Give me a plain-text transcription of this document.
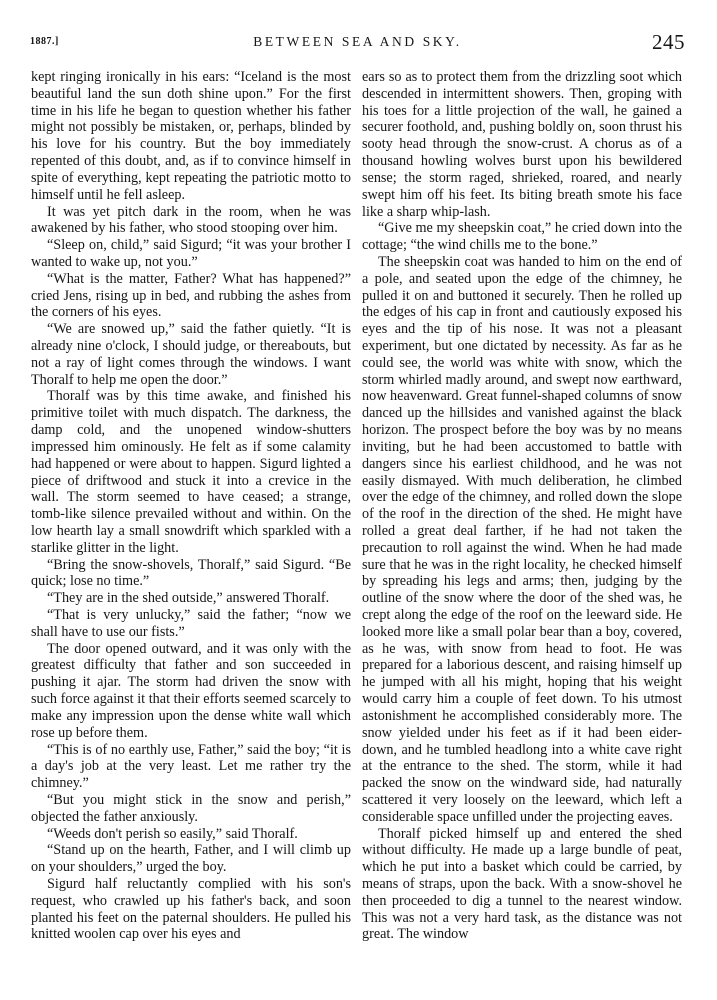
1887.]	BETWEEN SEA AND SKY.	245

kept ringing ironically in his ears: “Iceland is the most beautiful land the sun doth shine upon.” For the first time in his life he began to question whether his father might not possibly be mistaken, or, perhaps, blinded by his love for his country. But the boy immediately repented of this doubt, and, as if to convince himself in spite of everything, kept repeating the patriotic motto to himself until he fell asleep.

It was yet pitch dark in the room, when he was awakened by his father, who stood stooping over him.

“Sleep on, child,” said Sigurd; “it was your brother I wanted to wake up, not you.”

“What is the matter, Father? What has happened?” cried Jens, rising up in bed, and rubbing the ashes from the corners of his eyes.

“We are snowed up,” said the father quietly. “It is already nine o'clock, I should judge, or thereabouts, but not a ray of light comes through the windows. I want Thoralf to help me open the door.”

Thoralf was by this time awake, and finished his primitive toilet with much dispatch. The darkness, the damp cold, and the unopened window-shutters impressed him ominously. He felt as if some calamity had happened or were about to happen. Sigurd lighted a piece of driftwood and stuck it into a crevice in the wall. The storm seemed to have ceased; a strange, tomb-like silence prevailed without and within. On the low hearth lay a small snowdrift which sparkled with a starlike glitter in the light.

“Bring the snow-shovels, Thoralf,” said Sigurd. “Be quick; lose no time.”

“They are in the shed outside,” answered Thoralf.

“That is very unlucky,” said the father; “now we shall have to use our fists.”

The door opened outward, and it was only with the greatest difficulty that father and son succeeded in pushing it ajar. The storm had driven the snow with such force against it that their efforts seemed scarcely to make any impression upon the dense white wall which rose up before them.

“This is of no earthly use, Father,” said the boy; “it is a day's job at the very least. Let me rather try the chimney.”

“But you might stick in the snow and perish,” objected the father anxiously.

“Weeds don't perish so easily,” said Thoralf.

“Stand up on the hearth, Father, and I will climb up on your shoulders,” urged the boy.

Sigurd half reluctantly complied with his son's request, who crawled up his father's back, and soon planted his feet on the paternal shoulders. He pulled his knitted woolen cap over his eyes and

ears so as to protect them from the drizzling soot which descended in intermittent showers. Then, groping with his toes for a little projection of the wall, he gained a securer foothold, and, pushing boldly on, soon thrust his sooty head through the snow-crust. A chorus as of a thousand howling wolves burst upon his bewildered sense; the storm raged, shrieked, roared, and nearly swept him off his feet. Its biting breath smote his face like a sharp whip-lash.

“Give me my sheepskin coat,” he cried down into the cottage; “the wind chills me to the bone.”

The sheepskin coat was handed to him on the end of a pole, and seated upon the edge of the chimney, he pulled it on and buttoned it securely. Then he rolled up the edges of his cap in front and cautiously exposed his eyes and the tip of his nose. It was not a pleasant experiment, but one dictated by necessity. As far as he could see, the world was white with snow, which the storm whirled madly around, and swept now earthward, now heavenward. Great funnel-shaped columns of snow danced up the hillsides and vanished against the black horizon. The prospect before the boy was by no means inviting, but he had been accustomed to battle with dangers since his earliest childhood, and he was not easily dismayed. With much deliberation, he climbed over the edge of the chimney, and rolled down the slope of the roof in the direction of the shed. He might have rolled a great deal farther, if he had not taken the precaution to roll against the wind. When he had made sure that he was in the right locality, he checked himself by spreading his legs and arms; then, judging by the outline of the snow where the door of the shed was, he crept along the edge of the roof on the leeward side. He looked more like a small polar bear than a boy, covered, as he was, with snow from head to foot. He was prepared for a laborious descent, and raising himself up he jumped with all his might, hoping that his weight would carry him a couple of feet down. To his utmost astonishment he accomplished considerably more. The snow yielded under his feet as if it had been eider-down, and he tumbled headlong into a white cave right at the entrance to the shed. The storm, while it had packed the snow on the windward side, had naturally scattered it very loosely on the leeward, which left a considerable space unfilled under the projecting eaves.

Thoralf picked himself up and entered the shed without difficulty. He made up a large bundle of peat, which he put into a basket which could be carried, by means of straps, upon the back. With a snow-shovel he then proceeded to dig a tunnel to the nearest window. This was not a very hard task, as the distance was not great. The window
